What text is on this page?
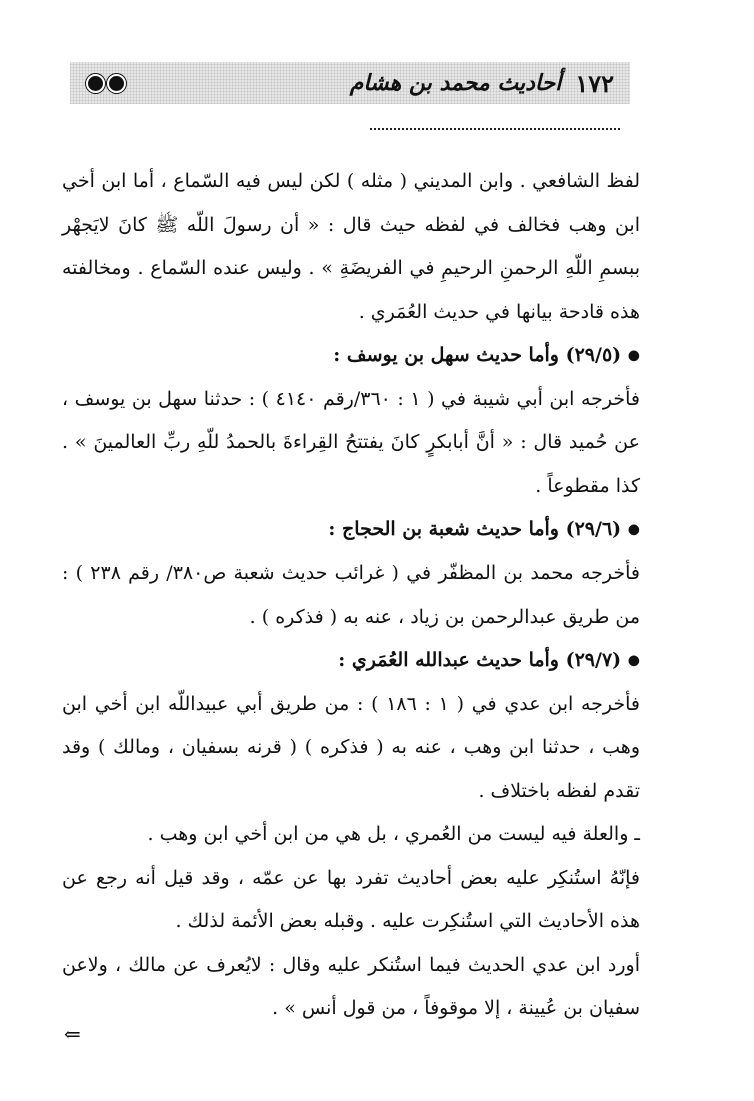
١٧٢
أحاديث محمد بن هشام

لفظ الشافعي . وابن المديني ( مثله ) لكن ليس فيه السّماع ، أما ابن أخي ابن وهب فخالف في لفظه حيث قال : « أن رسولَ اللّه ﷺ كانَ لايَجهْر ببسمِ اللّهِ الرحمنِ الرحيمِ في الفريضَةِ » . وليس عنده السّماع . ومخالفته هذه قادحة بيانها في حديث العُمَري .

● (٢٩/٥) وأما حديث سهل بن يوسف :

فأخرجه ابن أبي شيبة في ( ١ : ٣٦٠/رقم ٤١٤٠ ) : حدثنا سهل بن يوسف ، عن حُميد قال : « أنَّ أبابكرٍ كانَ يفتتحُ القِراءةَ بالحمدُ للّهِ ربِّ العالمينَ » . كذا مقطوعاً .

● (٢٩/٦) وأما حديث شعبة بن الحجاج :

فأخرجه محمد بن المظفّر في ( غرائب حديث شعبة ص٣٨٠/ رقم ٢٣٨ ) : من طريق عبدالرحمن بن زياد ، عنه به ( فذكره ) .

● (٢٩/٧) وأما حديث عبدالله العُمَري :

فأخرجه ابن عدي في ( ١ : ١٨٦ ) : من طريق أبي عبيداللّه ابن أخي ابن وهب ، حدثنا ابن وهب ، عنه به ( فذكره ) ( قرنه بسفيان ، ومالك ) وقد تقدم لفظه باختلاف .

ـ والعلة فيه ليست من العُمري ، بل هي من ابن أخي ابن وهب .

فإنّهُ استُنكِر عليه بعض أحاديث تفرد بها عن عمّه ، وقد قيل أنه رجع عن هذه الأحاديث التي استُنكِرت عليه . وقبله بعض الأئمة لذلك .

أورد ابن عدي الحديث فيما استُنكر عليه وقال : لايُعرف عن مالك ، ولاعن سفيان بن عُيينة ، إلا موقوفاً ، من قول أنس » .

⇐
